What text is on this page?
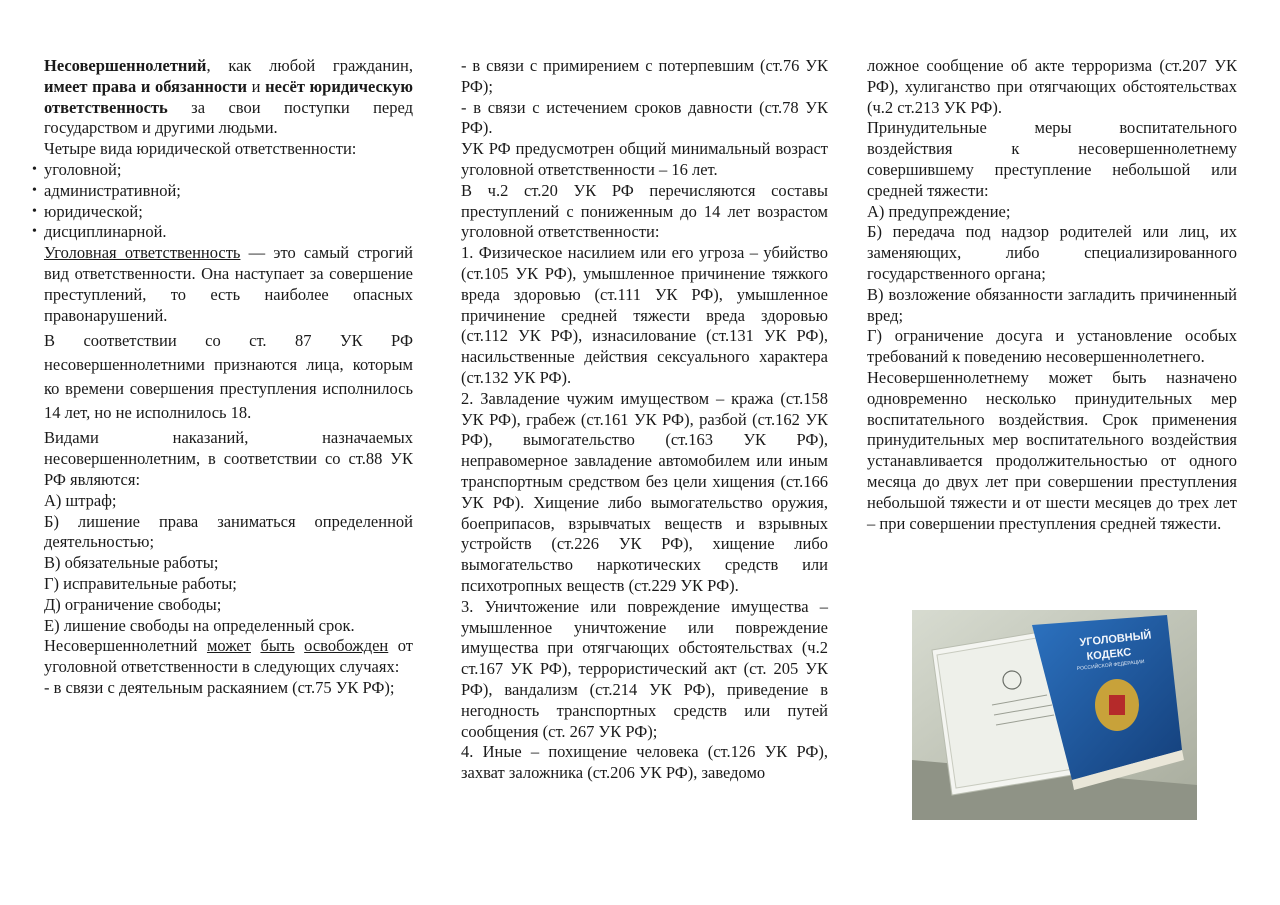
Несовершеннолетний, как любой гражданин, имеет права и обязанности и несёт юридическую ответственность за свои поступки перед государством и другими людьми.

Четыре вида юридической ответственности:

• уголовной;
• административной;
• юридической;
• дисциплинарной.

Уголовная ответственность — это самый строгий вид ответственности. Она наступает за совершение преступлений, то есть наиболее опасных правонарушений.

В соответствии со ст. 87 УК РФ несовершеннолетними признаются лица, которым ко времени совершения преступления исполнилось 14 лет, но не исполнилось 18.

Видами наказаний, назначаемых несовершеннолетним, в соответствии со ст.88 УК РФ являются:

А) штраф;

Б) лишение права заниматься определенной деятельностью;

В) обязательные работы;

Г) исправительные работы;

Д) ограничение свободы;

Е) лишение свободы на определенный срок.

Несовершеннолетний может быть освобожден от уголовной ответственности в следующих случаях:

- в связи с деятельным раскаянием (ст.75 УК РФ);

- в связи с примирением с потерпевшим (ст.76 УК РФ);

- в связи с истечением сроков давности (ст.78 УК РФ).

УК РФ предусмотрен общий минимальный возраст уголовной ответственности – 16 лет.

В ч.2 ст.20 УК РФ перечисляются составы преступлений с пониженным до 14 лет возрастом уголовной ответственности:

1. Физическое насилием или его угроза – убийство (ст.105 УК РФ), умышленное причинение тяжкого вреда здоровью (ст.111 УК РФ), умышленное причинение средней тяжести вреда здоровью (ст.112 УК РФ), изнасилование (ст.131 УК РФ), насильственные действия сексуального характера (ст.132 УК РФ).

2. Завладение чужим имуществом – кража (ст.158 УК РФ), грабеж (ст.161 УК РФ), разбой (ст.162 УК РФ), вымогательство (ст.163 УК РФ), неправомерное завладение автомобилем или иным транспортным средством без цели хищения (ст.166 УК РФ). Хищение либо вымогательство оружия, боеприпасов, взрывчатых веществ и взрывных устройств (ст.226 УК РФ), хищение либо вымогательство наркотических средств или психотропных веществ (ст.229 УК РФ).

3. Уничтожение или повреждение имущества – умышленное уничтожение или повреждение имущества при отягчающих обстоятельствах (ч.2 ст.167 УК РФ), террористический акт (ст. 205 УК РФ), вандализм (ст.214 УК РФ), приведение в негодность транспортных средств или путей сообщения (ст. 267 УК РФ);

4. Иные – похищение человека (ст.126 УК РФ), захват заложника (ст.206 УК РФ), заведомо

ложное сообщение об акте терроризма (ст.207 УК РФ), хулиганство при отягчающих обстоятельствах (ч.2 ст.213 УК РФ).

Принудительные меры воспитательного воздействия к несовершеннолетнему совершившему преступление небольшой или средней тяжести:

А) предупреждение;

Б) передача под надзор родителей или лиц, их заменяющих, либо специализированного государственного органа;

В) возложение обязанности загладить причиненный вред;

Г) ограничение досуга и установление особых требований к поведению несовершеннолетнего.

Несовершеннолетнему может быть назначено одновременно несколько принудительных мер воспитательного воздействия. Срок применения принудительных мер воспитательного воздействия устанавливается продолжительностью от одного месяца до двух лет при совершении преступления небольшой тяжести и от шести месяцев до трех лет – при совершении преступления средней тяжести.

УГОЛОВНЫЙ
КОДЕКС
РОССИЙСКОЙ ФЕДЕРАЦИИ
